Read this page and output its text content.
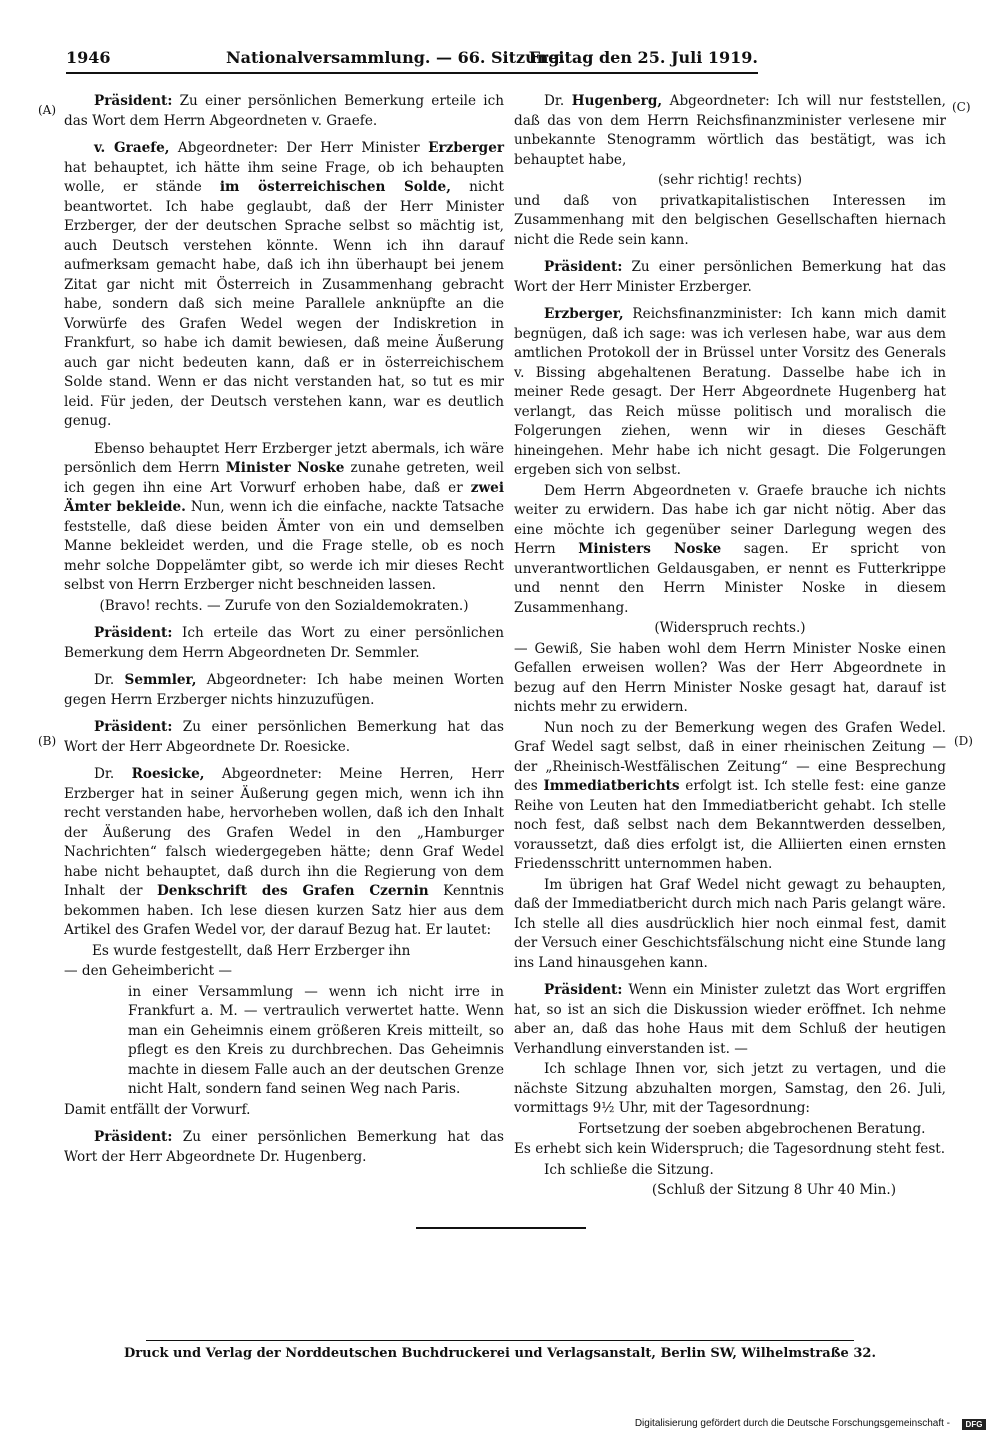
1946	Nationalversammlung. — 66. Sitzung.
Freitag den 25. Juli 1919.
(A)
(B)
(C)
(D)

Präsident: Zu einer persönlichen Bemerkung erteile ich das Wort dem Herrn Abgeordneten v. Graefe.

v. Graefe, Abgeordneter: Der Herr Minister Erzberger hat behauptet, ich hätte ihm seine Frage, ob ich behaupten wolle, er stände im österreichischen Solde, nicht beantwortet. Ich habe geglaubt, daß der Herr Minister Erzberger, der der deutschen Sprache selbst so mächtig ist, auch Deutsch verstehen könnte. Wenn ich ihn darauf aufmerksam gemacht habe, daß ich ihn überhaupt bei jenem Zitat gar nicht mit Österreich in Zusammenhang gebracht habe, sondern daß sich meine Parallele anknüpfte an die Vorwürfe des Grafen Wedel wegen der Indiskretion in Frankfurt, so habe ich damit bewiesen, daß meine Äußerung auch gar nicht bedeuten kann, daß er in österreichischem Solde stand. Wenn er das nicht verstanden hat, so tut es mir leid. Für jeden, der Deutsch verstehen kann, war es deutlich genug.

Ebenso behauptet Herr Erzberger jetzt abermals, ich wäre persönlich dem Herrn Minister Noske zunahe getreten, weil ich gegen ihn eine Art Vorwurf erhoben habe, daß er zwei Ämter bekleide. Nun, wenn ich die einfache, nackte Tatsache feststelle, daß diese beiden Ämter von ein und demselben Manne bekleidet werden, und die Frage stelle, ob es noch mehr solche Doppelämter gibt, so werde ich mir dieses Recht selbst von Herrn Erzberger nicht beschneiden lassen.

(Bravo! rechts. — Zurufe von den Sozialdemokraten.)

Präsident: Ich erteile das Wort zu einer persönlichen Bemerkung dem Herrn Abgeordneten Dr. Semmler.

Dr. Semmler, Abgeordneter: Ich habe meinen Worten gegen Herrn Erzberger nichts hinzuzufügen.

Präsident: Zu einer persönlichen Bemerkung hat das Wort der Herr Abgeordnete Dr. Roesicke.

Dr. Roesicke, Abgeordneter: Meine Herren, Herr Erzberger hat in seiner Äußerung gegen mich, wenn ich ihn recht verstanden habe, hervorheben wollen, daß ich den Inhalt der Äußerung des Grafen Wedel in den „Hamburger Nachrichten“ falsch wiedergegeben hätte; denn Graf Wedel habe nicht behauptet, daß durch ihn die Regierung von dem Inhalt der Denkschrift des Grafen Czernin Kenntnis bekommen haben. Ich lese diesen kurzen Satz hier aus dem Artikel des Grafen Wedel vor, der darauf Bezug hat. Er lautet:

Es wurde festgestellt, daß Herr Erzberger ihn

— den Geheimbericht —

in einer Versammlung — wenn ich nicht irre in Frankfurt a. M. — vertraulich verwertet hatte. Wenn man ein Geheimnis einem größeren Kreis mitteilt, so pflegt es den Kreis zu durchbrechen. Das Geheimnis machte in diesem Falle auch an der deutschen Grenze nicht Halt, sondern fand seinen Weg nach Paris.

Damit entfällt der Vorwurf.

Präsident: Zu einer persönlichen Bemerkung hat das Wort der Herr Abgeordnete Dr. Hugenberg.

Dr. Hugenberg, Abgeordneter: Ich will nur feststellen, daß das von dem Herrn Reichsfinanzminister verlesene mir unbekannte Stenogramm wörtlich das bestätigt, was ich behauptet habe,

(sehr richtig! rechts)

und daß von privatkapitalistischen Interessen im Zusammenhang mit den belgischen Gesellschaften hiernach nicht die Rede sein kann.

Präsident: Zu einer persönlichen Bemerkung hat das Wort der Herr Minister Erzberger.

Erzberger, Reichsfinanzminister: Ich kann mich damit begnügen, daß ich sage: was ich verlesen habe, war aus dem amtlichen Protokoll der in Brüssel unter Vorsitz des Generals v. Bissing abgehaltenen Beratung. Dasselbe habe ich in meiner Rede gesagt. Der Herr Abgeordnete Hugenberg hat verlangt, das Reich müsse politisch und moralisch die Folgerungen ziehen, wenn wir in dieses Geschäft hineingehen. Mehr habe ich nicht gesagt. Die Folgerungen ergeben sich von selbst.

Dem Herrn Abgeordneten v. Graefe brauche ich nichts weiter zu erwidern. Das habe ich gar nicht nötig. Aber das eine möchte ich gegenüber seiner Darlegung wegen des Herrn Ministers Noske sagen. Er spricht von unverantwortlichen Geldausgaben, er nennt es Futterkrippe und nennt den Herrn Minister Noske in diesem Zusammenhang.

(Widerspruch rechts.)

— Gewiß, Sie haben wohl dem Herrn Minister Noske einen Gefallen erweisen wollen? Was der Herr Abgeordnete in bezug auf den Herrn Minister Noske gesagt hat, darauf ist nichts mehr zu erwidern.

Nun noch zu der Bemerkung wegen des Grafen Wedel. Graf Wedel sagt selbst, daß in einer rheinischen Zeitung — der „Rheinisch-Westfälischen Zeitung“ — eine Besprechung des Immediatberichts erfolgt ist. Ich stelle fest: eine ganze Reihe von Leuten hat den Immediatbericht gehabt. Ich stelle noch fest, daß selbst nach dem Bekanntwerden desselben, voraussetzt, daß dies erfolgt ist, die Alliierten einen ernsten Friedensschritt unternommen haben.

Im übrigen hat Graf Wedel nicht gewagt zu behaupten, daß der Immediatbericht durch mich nach Paris gelangt wäre. Ich stelle all dies ausdrücklich hier noch einmal fest, damit der Versuch einer Geschichtsfälschung nicht eine Stunde lang ins Land hinausgehen kann.

Präsident: Wenn ein Minister zuletzt das Wort ergriffen hat, so ist an sich die Diskussion wieder eröffnet. Ich nehme aber an, daß das hohe Haus mit dem Schluß der heutigen Verhandlung einverstanden ist. —

Ich schlage Ihnen vor, sich jetzt zu vertagen, und die nächste Sitzung abzuhalten morgen, Samstag, den 26. Juli, vormittags 9½ Uhr, mit der Tagesordnung:

Fortsetzung der soeben abgebrochenen Beratung.

Es erhebt sich kein Widerspruch; die Tagesordnung steht fest.

Ich schließe die Sitzung.

(Schluß der Sitzung 8 Uhr 40 Min.)

Druck und Verlag der Norddeutschen Buchdruckerei und Verlagsanstalt, Berlin SW, Wilhelmstraße 32.
Digitalisierung gefördert durch die Deutsche Forschungsgemeinschaft -	DFG
